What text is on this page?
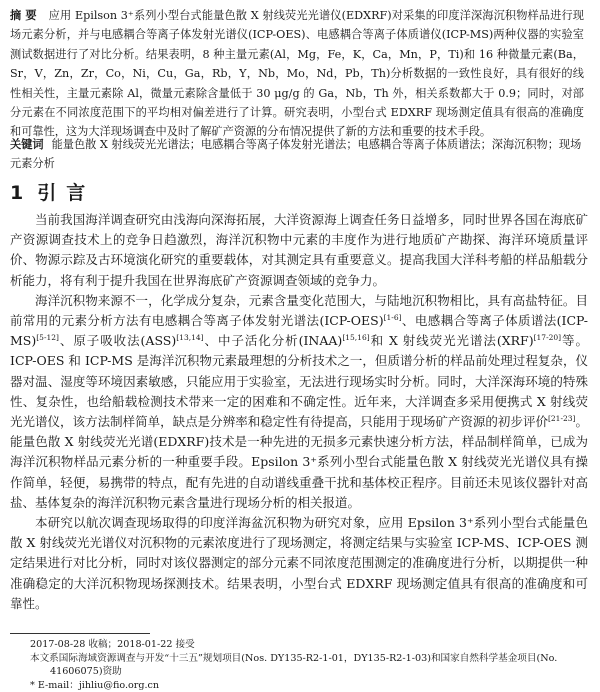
摘要 应用 Epilson 3⁺系列小型台式能量色散 X 射线荧光光谱仪(EDXRF)对采集的印度洋深海沉积物样品进行现场元素分析，并与电感耦合等离子体发射光谱仪(ICP-OES)、电感耦合等离子体质谱仪(ICP-MS)两种仪器的实验室测试数据进行了对比分析。结果表明，8 种主量元素(Al，Mg，Fe，K，Ca，Mn，P，Ti)和 16 种微量元素(Ba，Sr，V，Zn，Zr，Co，Ni，Cu，Ga，Rb，Y，Nb，Mo，Nd，Pb，Th)分析数据的一致性良好，具有很好的线性相关性，主量元素除 Al，微量元素除含量低于 30 μg/g 的 Ga，Nb，Th 外，相关系数都大于 0.9；同时，对部分元素在不同浓度范围下的平均相对偏差进行了计算。研究表明，小型台式 EDXRF 现场测定值具有很高的准确度和可靠性，这为大洋现场调查中及时了解矿产资源的分布情况提供了新的方法和重要的技术手段。
关键词 能量色散 X 射线荧光光谱法；电感耦合等离子体发射光谱法；电感耦合等离子体质谱法；深海沉积物；现场元素分析
1 引言

当前我国海洋调查研究由浅海向深海拓展，大洋资源海上调查任务日益增多，同时世界各国在海底矿产资源调查技术上的竞争日趋激烈，海洋沉积物中元素的丰度作为进行地质矿产勘探、海洋环境质量评价、物源示踪及古环境演化研究的重要载体，对其测定具有重要意义。提高我国大洋科考船的样品船载分析能力，将有利于提升我国在世界海底矿产资源调查领域的竞争力。

海洋沉积物来源不一，化学成分复杂，元素含量变化范围大，与陆地沉积物相比，具有高盐特征。目前常用的元素分析方法有电感耦合等离子体发射光谱法(ICP-OES)[1-6]、电感耦合等离子体质谱法(ICP-MS)[5-12]、原子吸收法(ASS)[13,14]、中子活化分析(INAA)[15,16]和 X 射线荧光光谱法(XRF)[17-20]等。ICP-OES 和 ICP-MS 是海洋沉积物元素最理想的分析技术之一，但质谱分析的样品前处理过程复杂，仪器对温、湿度等环境因素敏感，只能应用于实验室，无法进行现场实时分析。同时，大洋深海环境的特殊性、复杂性，也给船载检测技术带来一定的困难和不确定性。近年来，大洋调查多采用便携式 X 射线荧光光谱仪，该方法制样简单，缺点是分辨率和稳定性有待提高，只能用于现场矿产资源的初步评价[21-23]。能量色散 X 射线荧光光谱(EDXRF)技术是一种先进的无损多元素快速分析方法，样品制样简单，已成为海洋沉积物样品元素分析的一种重要手段。Epsilon 3⁺系列小型台式能量色散 X 射线荧光光谱仪具有操作简单，轻便，易携带的特点，配有先进的自动谱线重叠干扰和基体校正程序。目前还未见该仪器针对高盐、基体复杂的海洋沉积物元素含量进行现场分析的相关报道。

本研究以航次调查现场取得的印度洋海盆沉积物为研究对象，应用 Epsilon 3⁺系列小型台式能量色散 X 射线荧光光谱仪对沉积物的元素浓度进行了现场测定，将测定结果与实验室 ICP-MS、ICP-OES 测定结果进行对比分析，同时对该仪器测定的部分元素不同浓度范围测定的准确度进行分析，以期提供一种准确稳定的大洋沉积物现场探测技术。结果表明，小型台式 EDXRF 现场测定值具有很高的准确度和可靠性。

2017-08-28 收稿；2018-01-22 接受
本文系国际海域资源调查与开发“十三五”规划项目(Nos. DY135-R2-1-01，DY135-R2-1-03)和国家自然科学基金项目(No. 41606075)资助
* E-mail：jihliu@fio.org.cn
